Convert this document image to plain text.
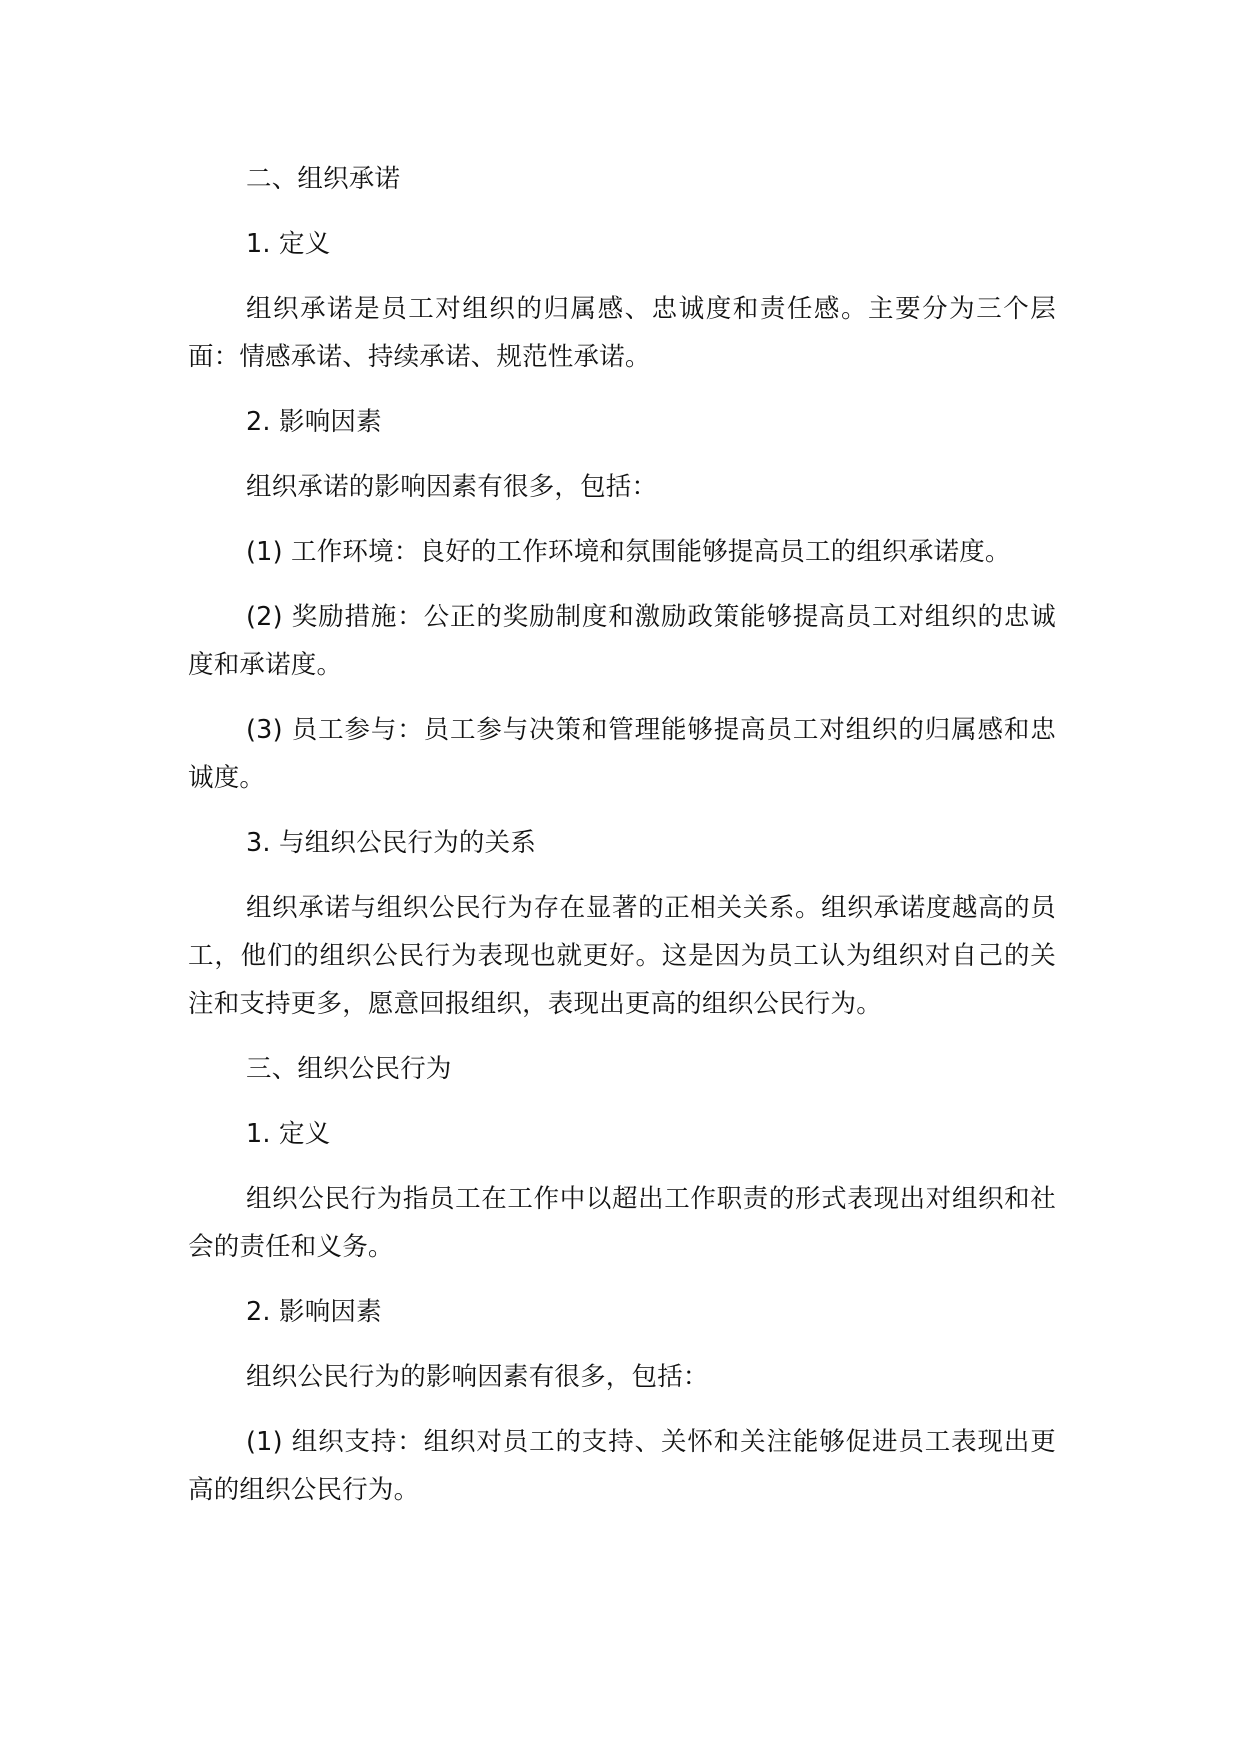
二、组织承诺

1. 定义

组织承诺是员工对组织的归属感、忠诚度和责任感。主要分为三个层面：情感承诺、持续承诺、规范性承诺。

2. 影响因素

组织承诺的影响因素有很多，包括：

(1) 工作环境：良好的工作环境和氛围能够提高员工的组织承诺度。

(2) 奖励措施：公正的奖励制度和激励政策能够提高员工对组织的忠诚度和承诺度。

(3) 员工参与：员工参与决策和管理能够提高员工对组织的归属感和忠诚度。

3. 与组织公民行为的关系

组织承诺与组织公民行为存在显著的正相关关系。组织承诺度越高的员工，他们的组织公民行为表现也就更好。这是因为员工认为组织对自己的关注和支持更多，愿意回报组织，表现出更高的组织公民行为。

三、组织公民行为

1. 定义

组织公民行为指员工在工作中以超出工作职责的形式表现出对组织和社会的责任和义务。

2. 影响因素

组织公民行为的影响因素有很多，包括：

(1) 组织支持：组织对员工的支持、关怀和关注能够促进员工表现出更高的组织公民行为。
